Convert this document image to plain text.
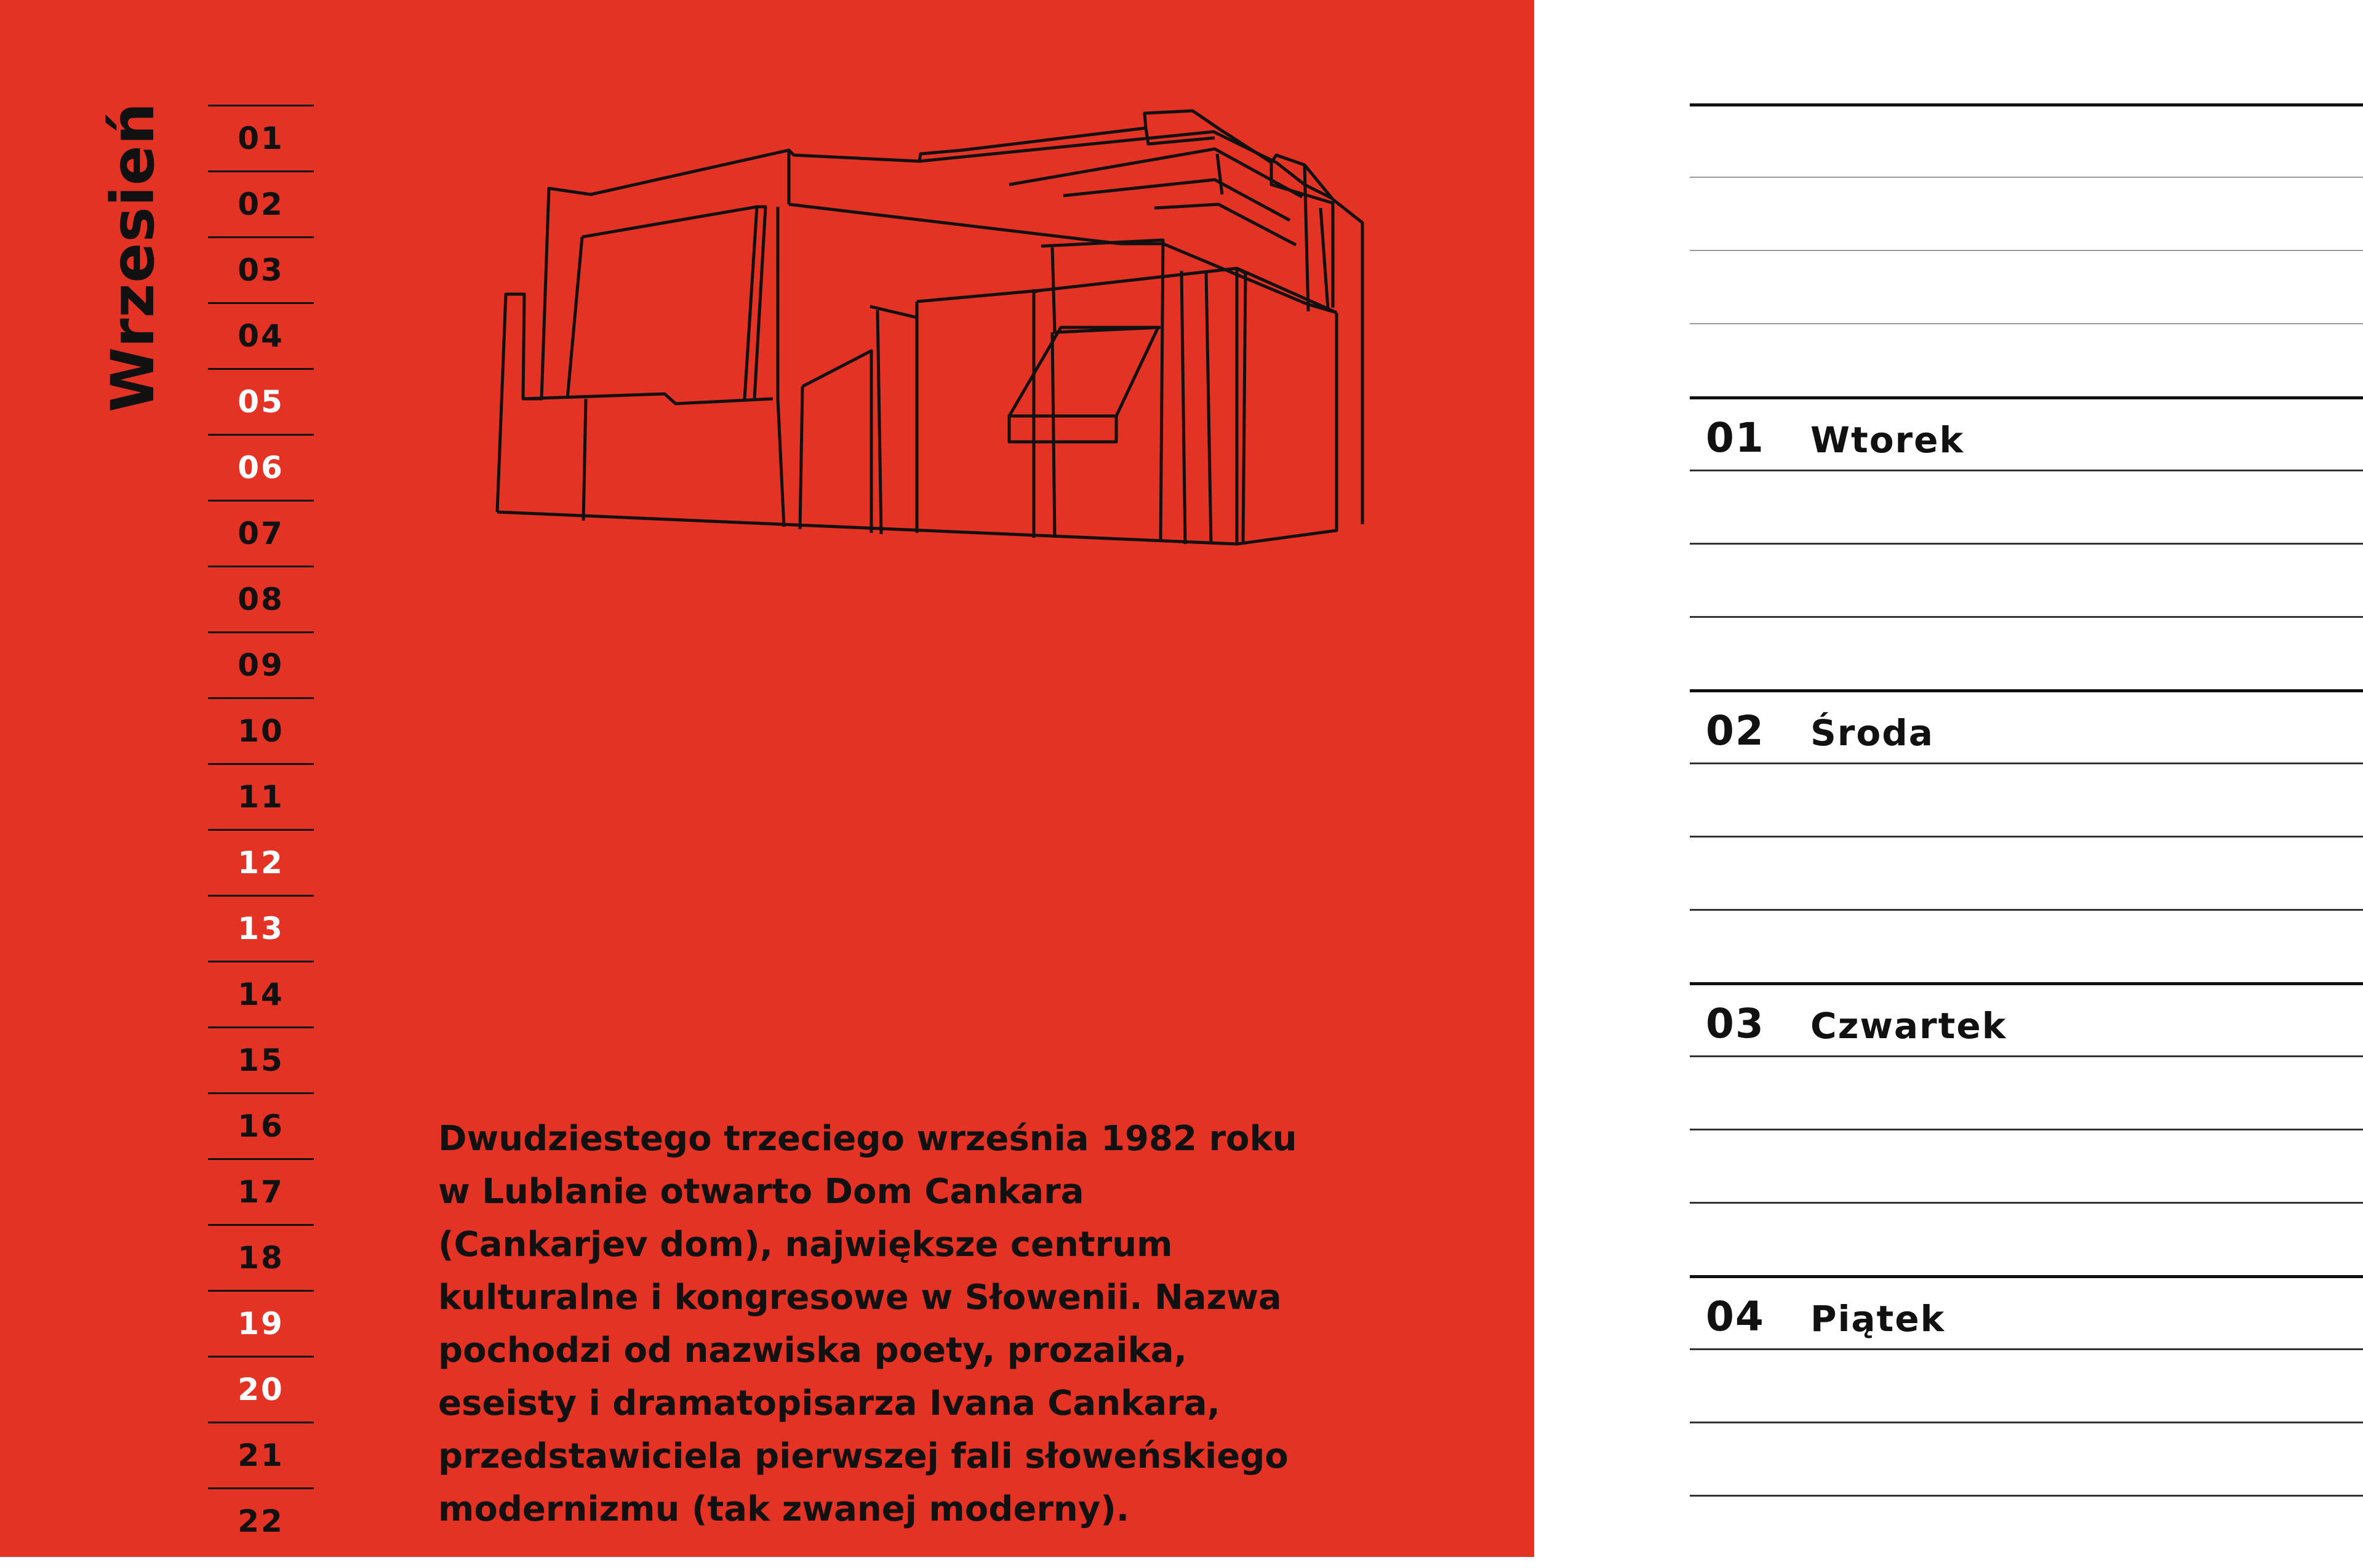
Wrzesień	01
02
03
04
05
06
07
08
09
10
11
12
13
14
15
16
17
18
19
20
21
22

Dwudziestego trzeciego września 1982 roku

w Lublanie otwarto Dom Cankara

(Cankarjev dom), największe centrum

kulturalne i kongresowe w Słowenii. Nazwa

pochodzi od nazwiska poety, prozaika,

eseisty i dramatopisarza Ivana Cankara,

przedstawiciela pierwszej fali słoweńskiego

modernizmu (tak zwanej moderny).

01 Wtorek
02 Środa
03 Czwartek
04 Piątek
